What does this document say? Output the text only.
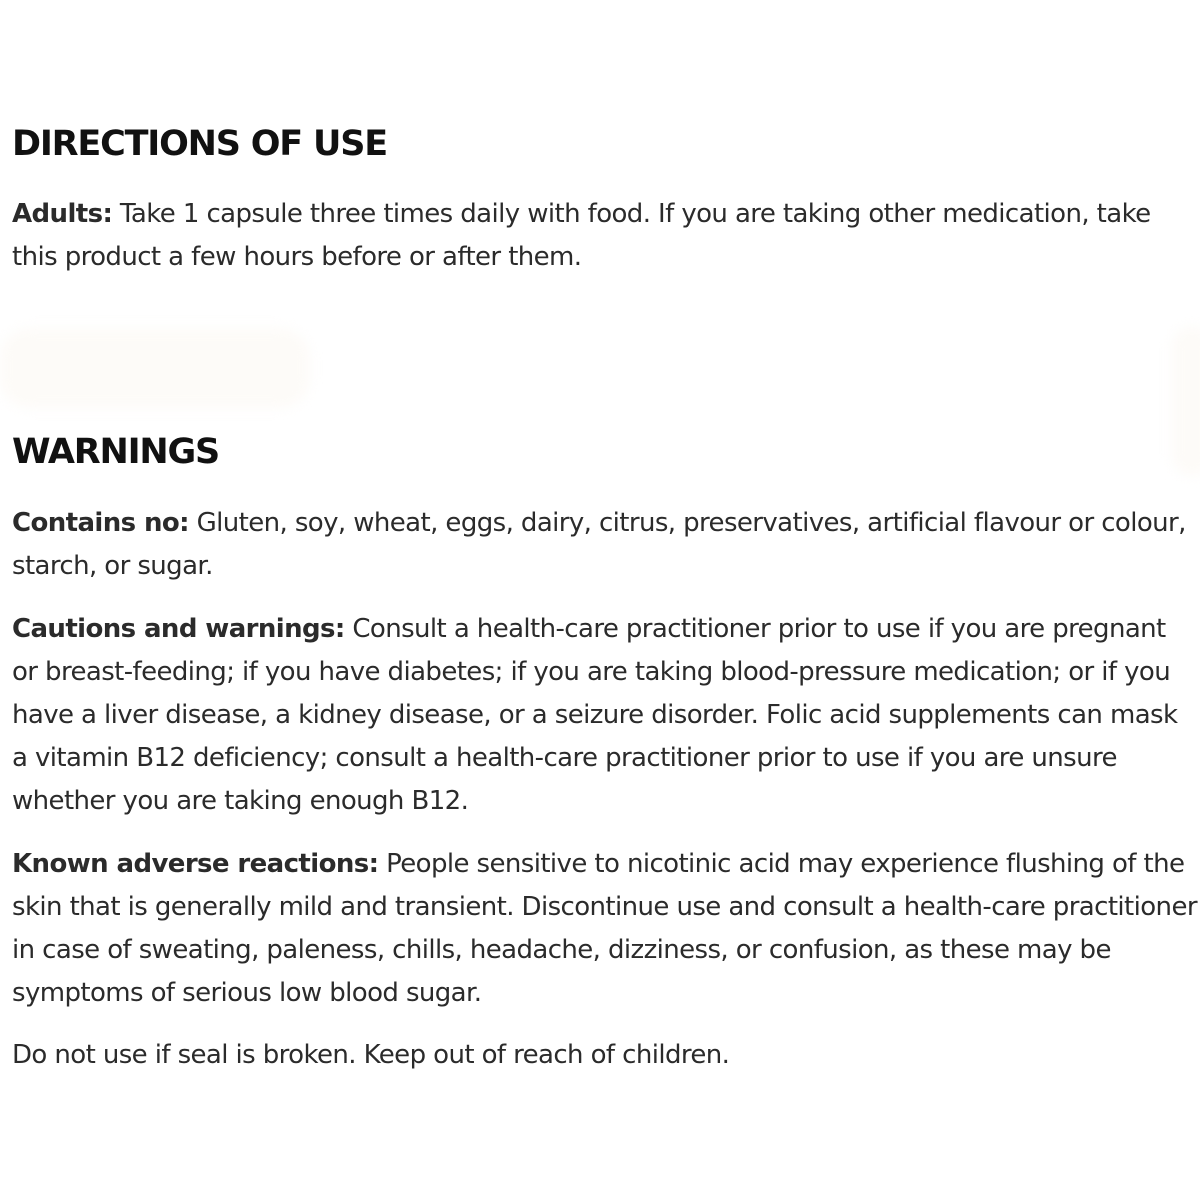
DIRECTIONS OF USE

Adults: Take 1 capsule three times daily with food. If you are taking other medication, take this product a few hours before or after them.

WARNINGS

Contains no: Gluten, soy, wheat, eggs, dairy, citrus, preservatives, artificial flavour or colour, starch, or sugar.

Cautions and warnings: Consult a health-care practitioner prior to use if you are pregnant or breast-feeding; if you have diabetes; if you are taking blood-pressure medication; or if you have a liver disease, a kidney disease, or a seizure disorder. Folic acid supplements can mask a vitamin B12 deficiency; consult a health-care practitioner prior to use if you are unsure whether you are taking enough B12.

Known adverse reactions: People sensitive to nicotinic acid may experience flushing of the skin that is generally mild and transient. Discontinue use and consult a health-care practitioner in case of sweating, paleness, chills, headache, dizziness, or confusion, as these may be symptoms of serious low blood sugar.

Do not use if seal is broken. Keep out of reach of children.
